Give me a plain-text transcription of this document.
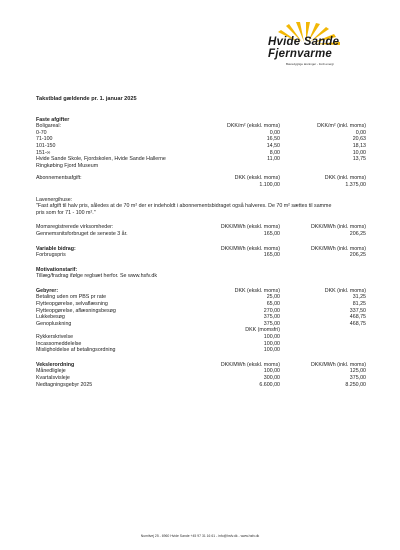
Hvide Sande
Fjernvarme
Bæredygtige løsninger - fordi energi
Takstblad gældende pr. 1. januar 2025
Faste afgifter
Boligareal:	DKK/m² (ekskl. moms)	DKK/m² (inkl. moms)
0-70	0,00	0,00
71-100	16,50	20,63
101-150	14,50	18,13
151-∞	8,00	10,00
Hvide Sande Skole, Fjordskolen, Hvide Sande Hallerne	11,00	13,75
Ringkøbing Fjord Museum
Abonnementsafgift:	DKK (ekskl. moms)	DKK (inkl. moms)
1.100,00	1.375,00
Lavenergihuse:
"Fast afgift til halv pris, således at de 70 m² der er indeholdt i abonnementsbidraget også halveres. De 70 m² sættes til samme pris som for 71 - 100 m²."
Momsregistrerede virksomheder:	DKK/MWh (ekskl. moms)	DKK/MWh (inkl. moms)
Gennemsnitsforbruget de seneste 3 år.	165,00	206,25
Variable bidrag:	DKK/MWh (ekskl. moms)	DKK/MWh (inkl. moms)
Forbrugspris	165,00	206,25
Motivationstarif:
Tillæg/fradrag ifølge reglsæt herfor. Se www.hsfv.dk
Gebyrer:	DKK (ekskl. moms)	DKK (inkl. moms)
Betaling uden om PBS pr rate	25,00	31,25
Flytteopgørelse, selvaflæsning	65,00	81,25
Flytteopgørelse, aflæsningsbesøg	270,00	337,50
Lukkebesøg	375,00	468,75
Genopluskning	375,00	468,75
DKK (momsfri)
Rykkerskrivelse	100,00
Incassomeddelelse	100,00
Misligholdelse af betalingsordning	100,00
Vekslerordning	DKK/MWh (ekskl. moms)	DKK/MWh (inkl. moms)
Månedligleje	100,00	125,00
Kvartalsvisleje	300,00	375,00
Nedtagningsgebyr 2025	6.600,00	8.250,00
Numitvej 25 - 6960 Hvide Sande +45 97 31 16 61 - info@hsfv.dk - www.hsfv.dk
